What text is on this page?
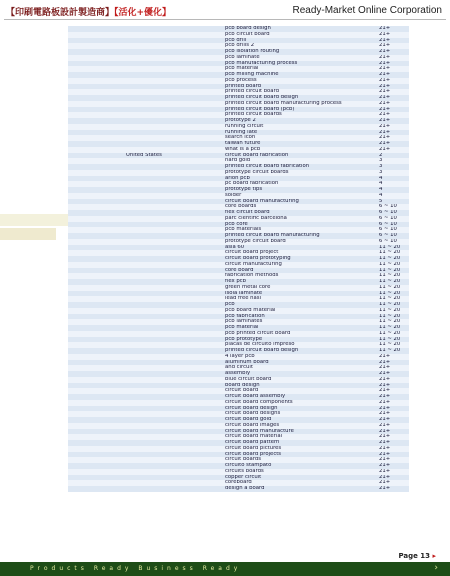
【印刷電路板設計製造商】【活化+優化】	Ready-Market Online Corporation
pcb board design	21+
pcb circuit board	21+
pcb drill	21+
pcb drills 2	21+
pcb isolation routing	21+
pcb laminate	21+
pcb manufacturing process	21+
pcb material	21+
pcb milling machine	21+
pcb process	21+
printed board	21+
printed circuit board	21+
printed circuit board design	21+
printed circuit board manufacturing process	21+
printed circuit board (pcb)	21+
printed circuit boards	21+
prototype 2	21+
running circuit	21+
running late	21+
search icon	21+
taiwan future	21+
what is a pcb	21+
United States	circuit board fabrication	2
hard gold	3
printed circuit board fabrication	3
prototype circuit boards	3
arlon pcb	4
pc board fabrication	4
prototype tips	4
solder	4
circuit board manufacturing	5
core boards	6 ~ 10
flex circuit board	6 ~ 10
parc cientific barcelona	6 ~ 10
pcb core	6 ~ 10
pcb materials	6 ~ 10
printed circuit board manufacturing	6 ~ 10
prototype circuit board	6 ~ 10
asia 60	11 ~ 20
circuit board project	11 ~ 20
circuit board prototyping	11 ~ 20
circuit manufacturing	11 ~ 20
core board	11 ~ 20
fabrication methods	11 ~ 20
flex pcb	11 ~ 20
green metal core	11 ~ 20
isola laminate	11 ~ 20
lead free hasl	11 ~ 20
pcb	11 ~ 20
pcb board material	11 ~ 20
pcb fabrication	11 ~ 20
pcb laminates	11 ~ 20
pcb material	11 ~ 20
pcb printed circuit board	11 ~ 20
pcb prototype	11 ~ 20
placas de circuito impreso	11 ~ 20
printed circuit board design	11 ~ 20
4 layer pcb	21+
aluminum board	21+
and circuit	21+
assembly	21+
blue circuit board	21+
board design	21+
circuit board	21+
circuit board assembly	21+
circuit board components	21+
circuit board design	21+
circuit board designs	21+
circuit board gold	21+
circuit board images	21+
circuit board manufacture	21+
circuit board material	21+
circuit board pattern	21+
circuit board pictures	21+
circuit board projects	21+
circuit boards	21+
circuito stampato	21+
circuits boards	21+
copper circuit	21+
coreboard	21+
design a board	21+
Page 13 ▸
Products Ready Business Ready	›
